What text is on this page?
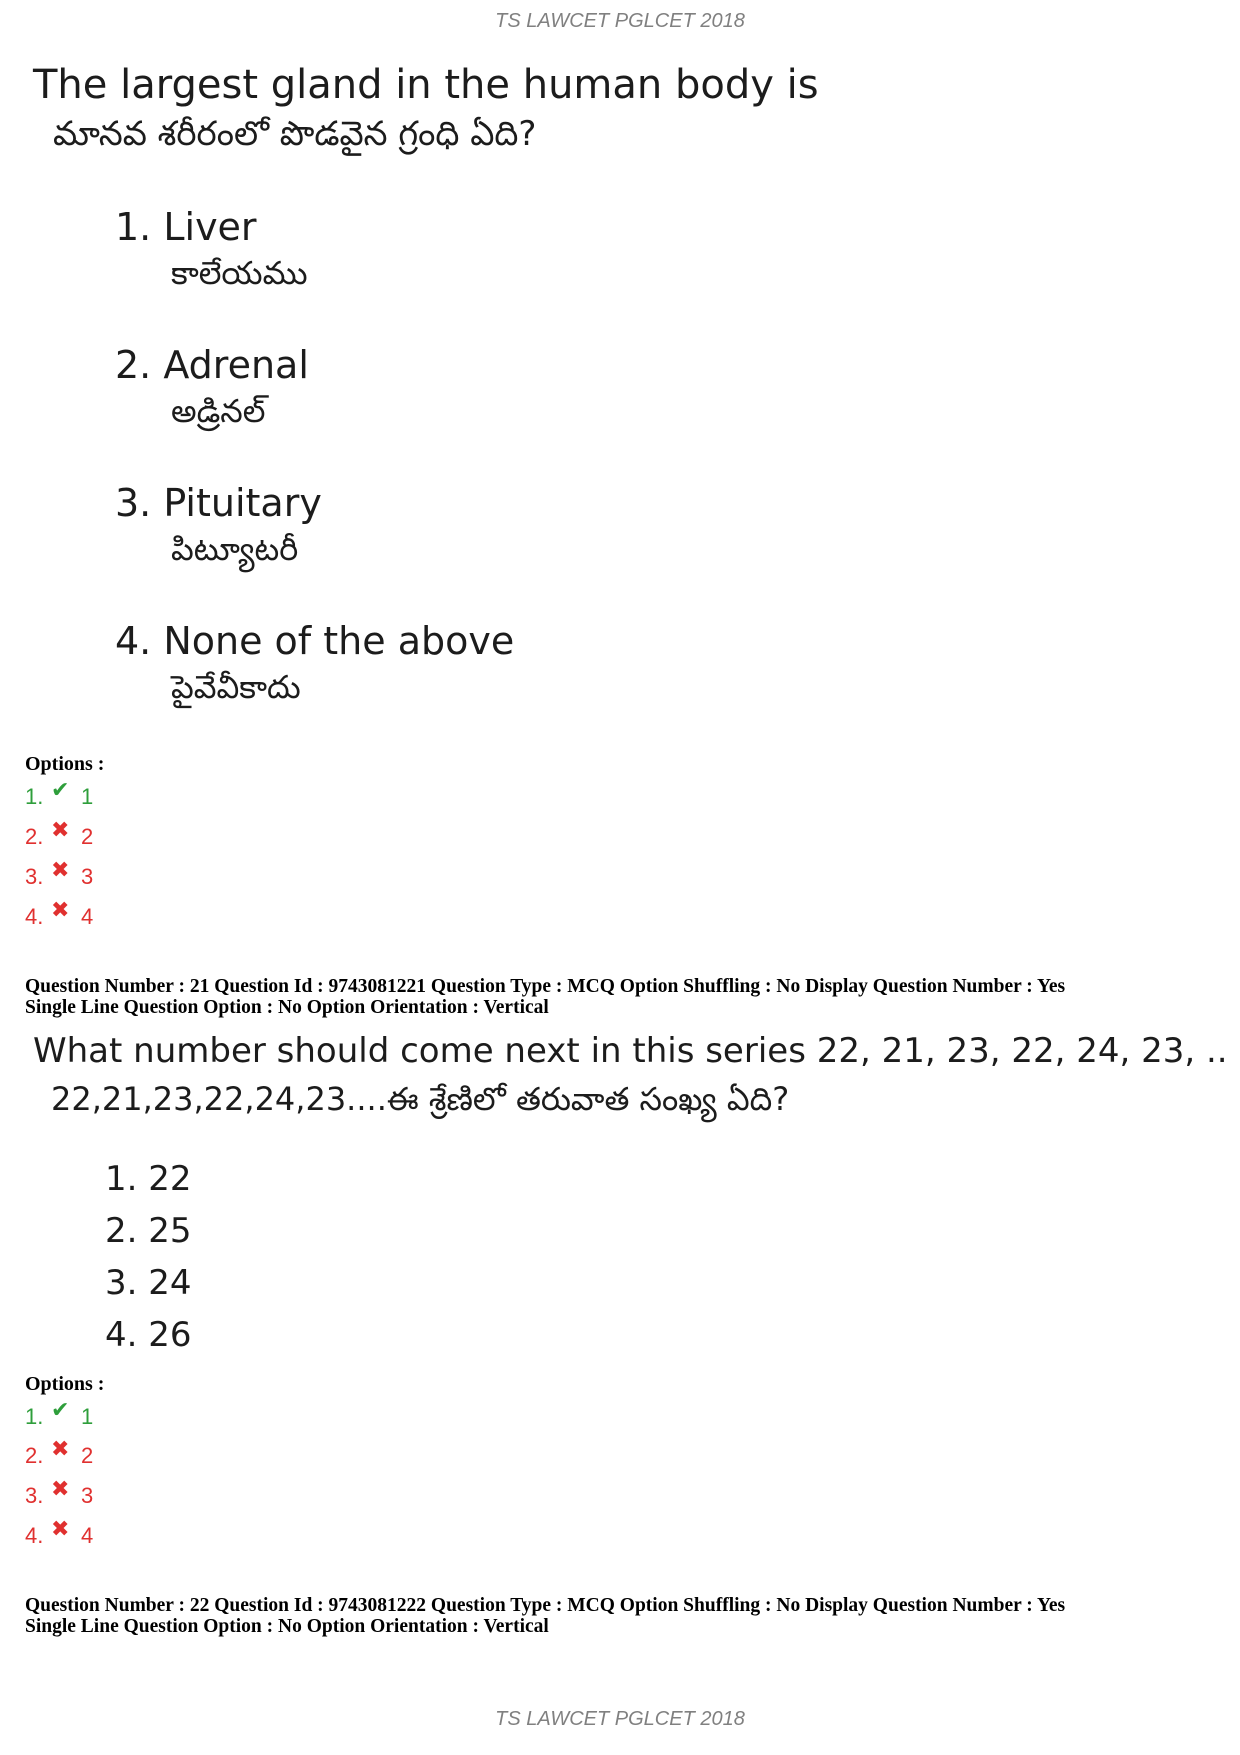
TS LAWCET PGLCET 2018
The largest gland in the human body is
మానవ శరీరంలో పొడవైన గ్రంధి ఏది?
1. Liver
కాలేయము
2. Adrenal
అడ్రినల్
3. Pituitary
పిట్యూటరీ
4. None of the above
పైవేవీకాదు
Options :
1. ✔ 1
2. ✖ 2
3. ✖ 3
4. ✖ 4
Question Number : 21 Question Id : 9743081221 Question Type : MCQ Option Shuffling : No Display Question Number : Yes
Single Line Question Option : No Option Orientation : Vertical
What number should come next in this series 22, 21, 23, 22, 24, 23, ..
22,21,23,22,24,23....ఈ శ్రేణిలో తరువాత సంఖ్య ఏది?
1. 22
2. 25
3. 24
4. 26
Options :
1. ✔ 1
2. ✖ 2
3. ✖ 3
4. ✖ 4
Question Number : 22 Question Id : 9743081222 Question Type : MCQ Option Shuffling : No Display Question Number : Yes
Single Line Question Option : No Option Orientation : Vertical
TS LAWCET PGLCET 2018
